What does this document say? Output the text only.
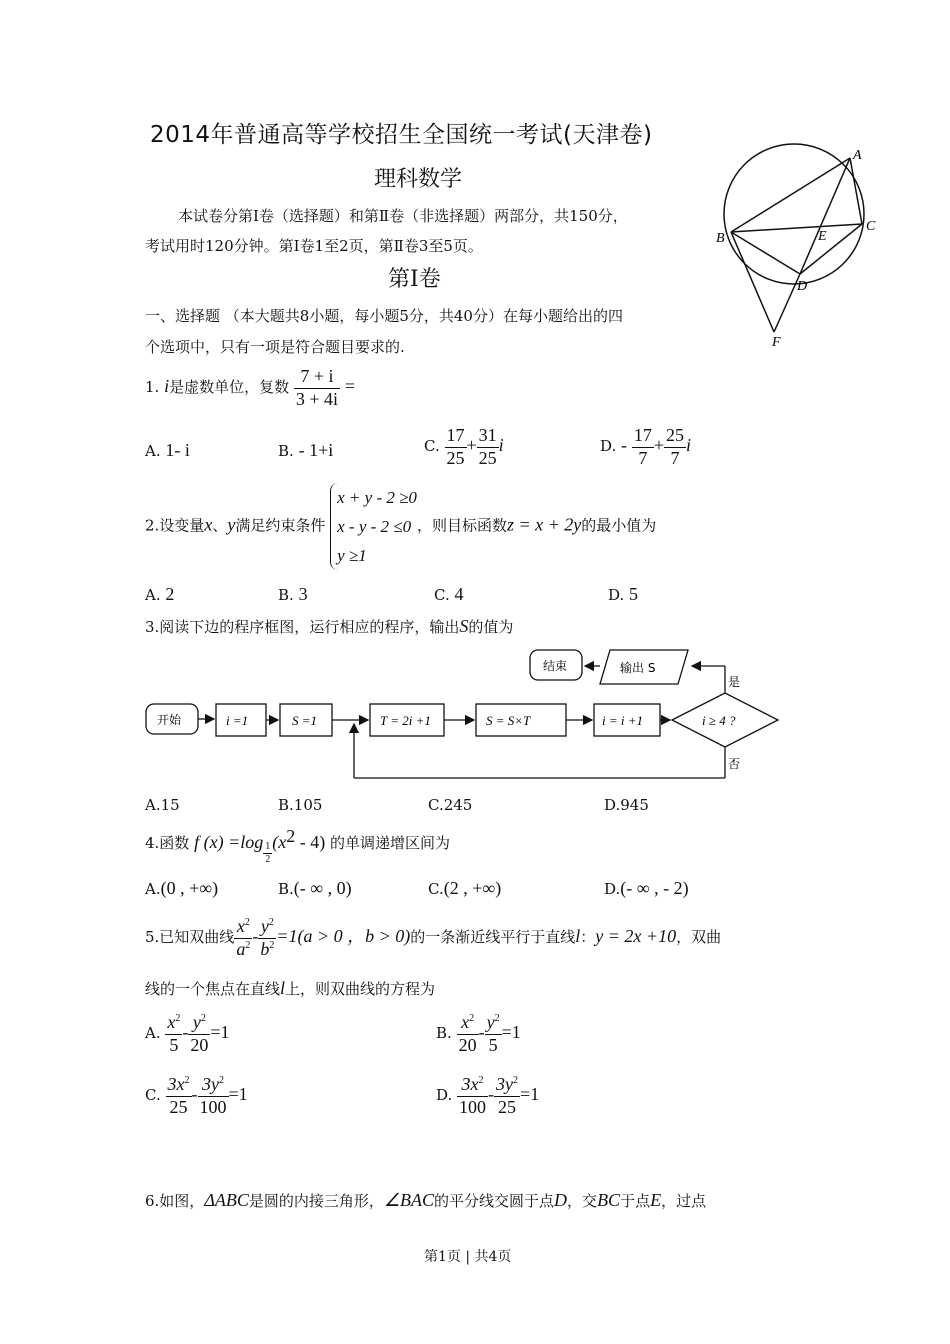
2014年普通高等学校招生全国统一考试(天津卷)
理科数学
本试卷分第Ⅰ卷（选择题）和第Ⅱ卷（非选择题）两部分，共150分，
考试用时120分钟。第Ⅰ卷1至2页，第Ⅱ卷3至5页。
第Ⅰ卷
一、选择题 （本大题共8小题，每小题5分，共40分）在每小题给出的四
个选项中，只有一项是符合题目要求的.
A
B
C
D
E
F
1. i是虚数单位，复数 $\frac{7 + i}{3 + 4i}$ =
A. 1- i	B. - 1+i	C. $\frac{17}{25} + \frac{31}{25}$ i	D. - $\frac{17}{7} + \frac{25}{7}$ i
2.设变量x、y满足约束条件
x + y - 2 ≥0
x - y - 2 ≤0
y ≥1
，则目标函数z = x + 2y的最小值为
A. 2	B. 3	C. 4	D. 5
3.阅读下边的程序框图，运行相应的程序，输出S的值为
开始	i =1	S =1	T = 2i +1	S = S×T	i = i +1	i ≥ 4 ?
是
输出 S
结束
否
A.15	B.105	C.245	D.945
4.函数 f $(x) =\log \frac{1}{2} (x^2 - 4)$ 的单调递增区间为
A.(0 , +∞)	B.(- ∞ , 0)	C.(2 , +∞)	D.(- ∞ , - 2)
5.已知双曲线 $\frac{x^2}{a^2} - \frac{y^2}{b^2} =1(a > 0$ ，b > 0)的一条渐近线平行于直线l：y = 2x +10，双曲
线的一个焦点在直线l上，则双曲线的方程为
A. $\frac{x^2}{5} - \frac{y^2}{20} =1$	B. $\frac{x^2}{20} - \frac{y^2}{5} =1$
C. $\frac{3x^2}{25} - \frac{3y^2}{100} =1$	D. $\frac{3x^2}{100} - \frac{3y^2}{25} =1$
6.如图，ΔABC是圆的内接三角形，∠BAC的平分线交圆于点D，交BC于点E，过点
第1页 | 共4页
